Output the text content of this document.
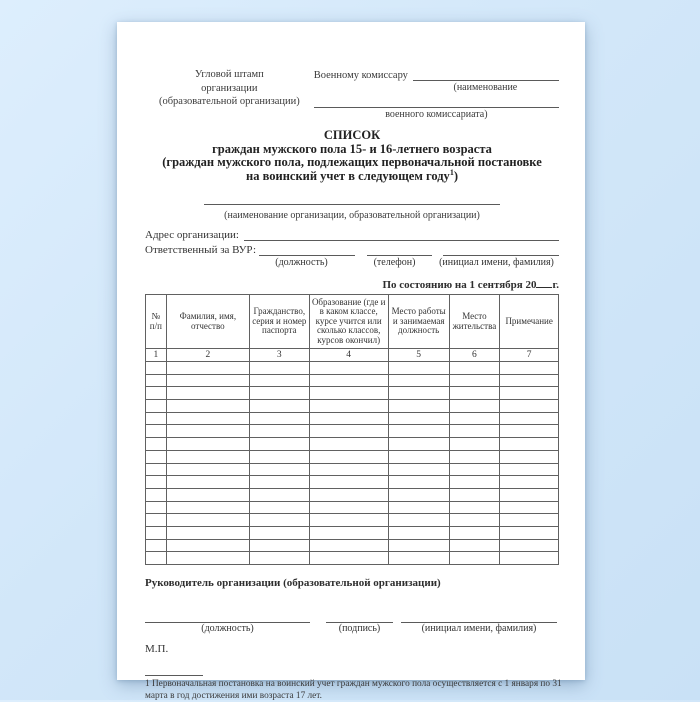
Угловой штамп
организации
(образовательной организации)
Военному комиссару
(наименование
военного комиссариата)
СПИСОК
граждан мужского пола 15- и 16-летнего возраста
(граждан мужского пола, подлежащих первоначальной постановке
на воинский учет в следующем году$^1$)
(наименование организации, образовательной организации)
Адрес организации:
Ответственный за ВУР:
(должность)	(телефон)	(инициал имени, фамилия)
По состоянию на 1 сентября 20 г.
№ п/п	Фамилия, имя, отчество	Гражданство, серия и номер паспорта	Образование (где и в каком классе, курсе учится или сколько классов, курсов окончил)	Место работы и занимаемая должность	Место жительства	Примечание
1	2	3	4	5	6	7

Руководитель организации (образовательной организации)
(должность)	(подпись)	(инициал имени, фамилия)
М.П.
1 Первоначальная постановка на воинский учет граждан мужского пола осуществляется с 1 января по 31 марта в год достижения ими возраста 17 лет.
